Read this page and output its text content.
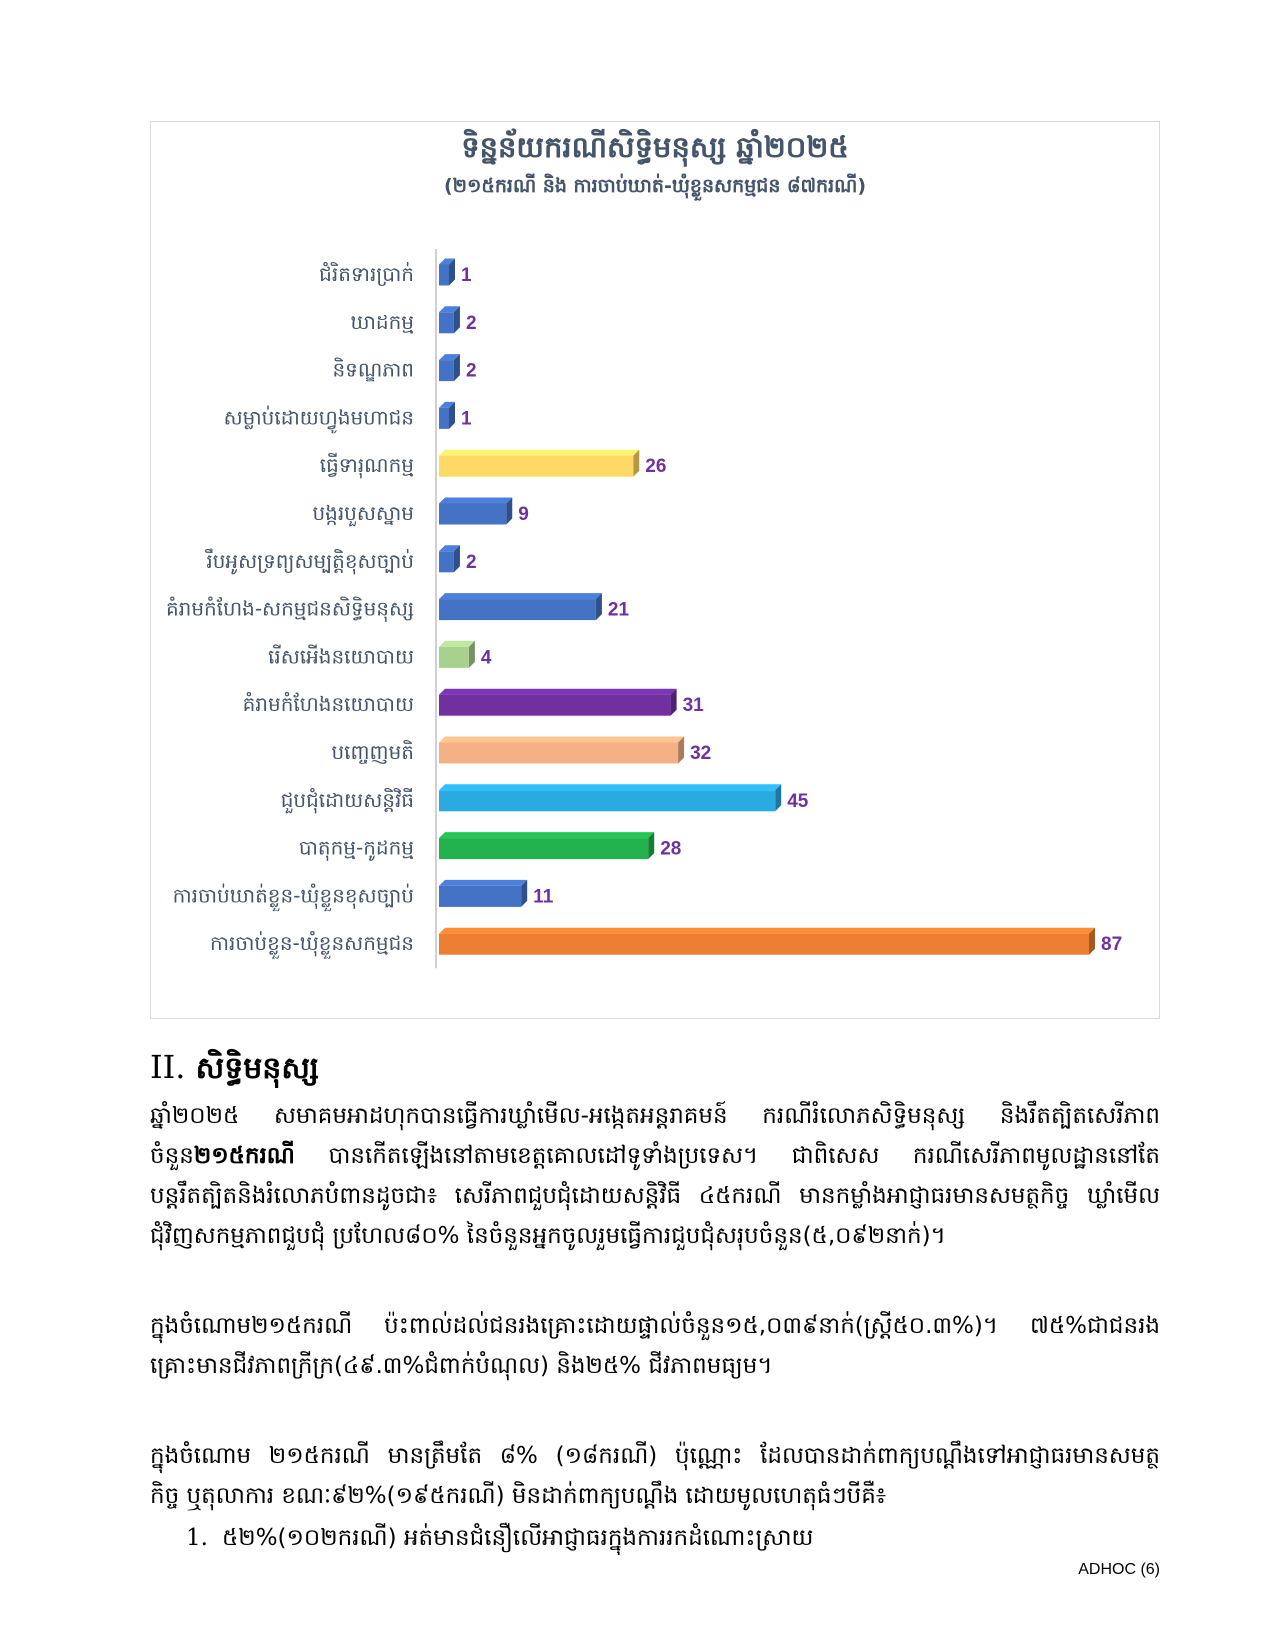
ទិន្នន័យករណីសិទ្ធិមនុស្ស ឆ្នាំ២០២៥
(២១៥ករណី និង ការចាប់ឃាត់-ឃុំខ្លួនសកម្មជន ៨៧ករណី)
ជំរិតទារប្រាក់ 1
ឃាដកម្ម	2
និទណ្ឌភាព	2
សម្លាប់ដោយហ្វូងមហាជន 1
ធ្វើទារុណកម្ម	26
បង្ករបួសស្នាម	9
រឹបអូសទ្រព្យសម្បត្តិខុសច្បាប់	2
គំរាមកំហែង-សកម្មជនសិទ្ធិមនុស្ស	21
រើសអើងនយោបាយ	4
គំរាមកំហែងនយោបាយ	31
បញ្ចេញមតិ	32
ជួបជុំដោយសន្តិវិធី	45
បាតុកម្ម-កូដកម្ម	28
ការចាប់ឃាត់ខ្លួន-ឃុំខ្លួនខុសច្បាប់	11
ការចាប់ខ្លួន-ឃុំខ្លួនសកម្មជន	87
II. សិទ្ធិមនុស្ស
ឆ្នាំ២០២៥ សមាគមអាដហុកបានធ្វើការឃ្លាំមើល-អង្កេតអន្តរាគមន៍ ករណីរំលោភសិទ្ធិមនុស្ស និងរឹតត្បិតសេរីភាព
ចំនួន២១៥ករណី បានកើតឡើងនៅតាមខេត្តគោលដៅទូទាំងប្រទេស។ ជាពិសេស ករណីសេរីភាពមូលដ្ឋាននៅតែ
បន្តរឹតត្បិតនិងរំលោភបំពានដូចជា៖ សេរីភាពជួបជុំដោយសន្តិវិធី ៤៥ករណី មានកម្លាំងអាជ្ញាធរមានសមត្ថកិច្ច ឃ្លាំមើល
ជុំវិញសកម្មភាពជួបជុំ ប្រហែល៨០% នៃចំនួនអ្នកចូលរួមធ្វើការជួបជុំសរុបចំនួន(៥,០៩២នាក់)។
ក្នុងចំណោម២១៥ករណី ប៉ះពាល់ដល់ជនរងគ្រោះដោយផ្ទាល់ចំនួន១៥,០៣៩នាក់(ស្ត្រី៥០.៣%)។ ៧៥%ជាជនរង
គ្រោះមានជីវភាពក្រីក្រ(៤៩.៣%ជំពាក់បំណុល) និង២៥% ជីវភាពមធ្យម។
ក្នុងចំណោម ២១៥ករណី មានត្រឹមតែ ៨% (១៨ករណី) ប៉ុណ្ណោះ ដែលបានដាក់ពាក្យបណ្តឹងទៅអាជ្ញាធរមានសមត្ថ
កិច្ច ឬតុលាការ ខណៈ៩២%(១៩៥ករណី) មិនដាក់ពាក្យបណ្តឹង ដោយមូលហេតុធំៗបីគឺ៖
1. ៥២%(១០២ករណី) អត់មានជំនឿលើអាជ្ញាធរក្នុងការរកដំណោះស្រាយ
ADHOC (6)
